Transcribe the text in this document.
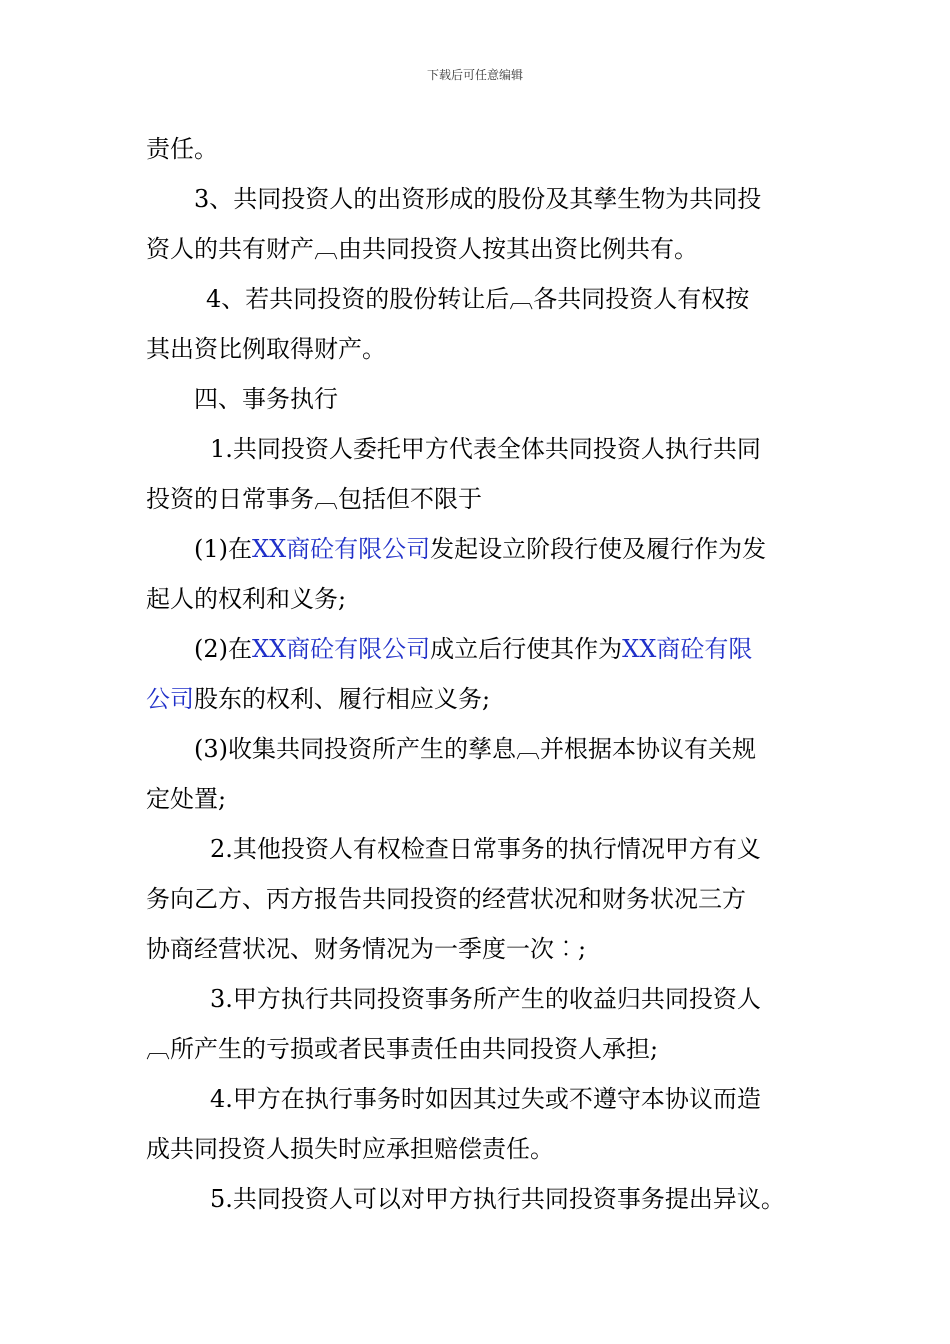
下载后可任意编辑
责任。
3、共同投资人的出资形成的股份及其孳生物为共同投
资人的共有财产︹由共同投资人按其出资比例共有。
4、若共同投资的股份转让后︹各共同投资人有权按
其出资比例取得财产。
四、事务执行
1.共同投资人委托甲方代表全体共同投资人执行共同
投资的日常事务︹包括但不限于
(1)在XX商砼有限公司发起设立阶段行使及履行作为发
起人的权利和义务;
(2)在XX商砼有限公司成立后行使其作为XX商砼有限
公司股东的权利、履行相应义务;
(3)收集共同投资所产生的孳息︹并根据本协议有关规
定处置;
2.其他投资人有权检查日常事务的执行情况甲方有义
务向乙方、丙方报告共同投资的经营状况和财务状况三方
协商经营状况、财务情况为一季度一次︰;
3.甲方执行共同投资事务所产生的收益归共同投资人
︹所产生的亏损或者民事责任由共同投资人承担;
4.甲方在执行事务时如因其过失或不遵守本协议而造
成共同投资人损失时应承担赔偿责任。
5.共同投资人可以对甲方执行共同投资事务提出异议。
